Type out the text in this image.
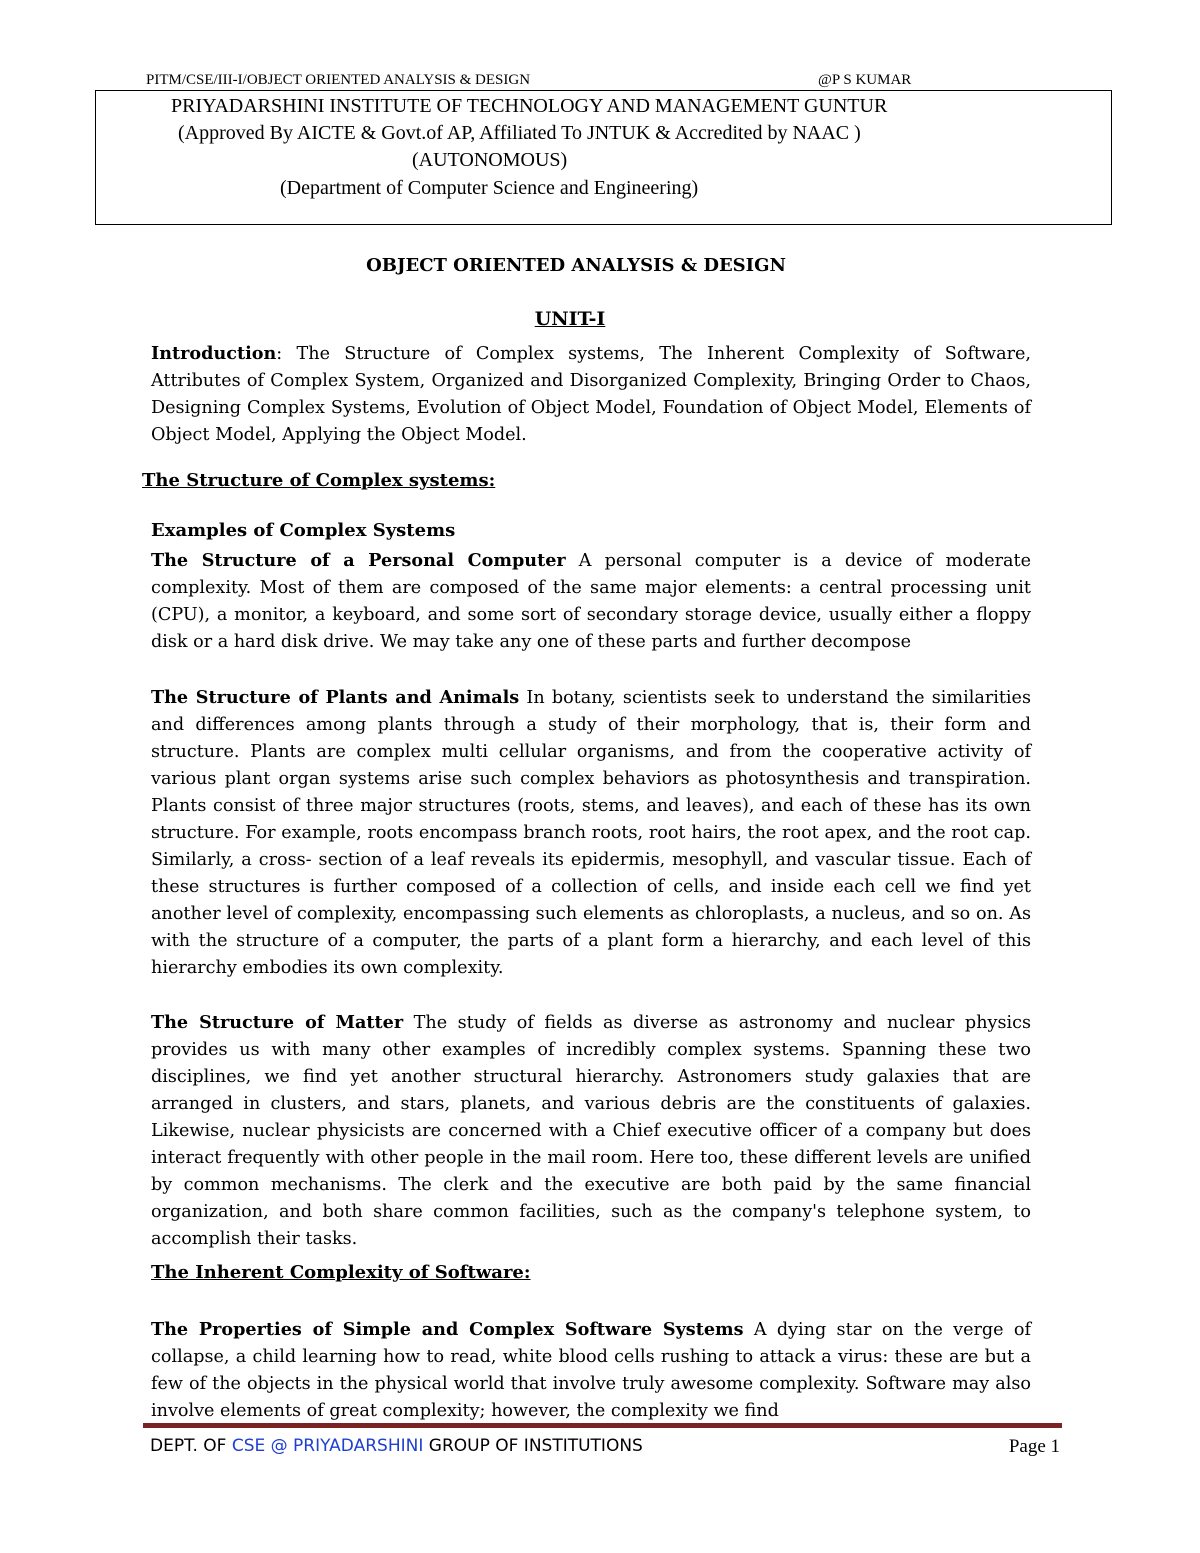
PITM/CSE/III-I/OBJECT ORIENTED ANALYSIS & DESIGN	@P S KUMAR
PRIYADARSHINI INSTITUTE OF TECHNOLOGY AND MANAGEMENT GUNTUR
(Approved By AICTE & Govt.of AP, Affiliated To JNTUK & Accredited by NAAC )
(AUTONOMOUS)
(Department of Computer Science and Engineering)
OBJECT ORIENTED ANALYSIS & DESIGN
UNIT-I
Introduction: The Structure of Complex systems, The Inherent Complexity of Software, Attributes of Complex System, Organized and Disorganized Complexity, Bringing Order to Chaos, Designing Complex Systems, Evolution of Object Model, Foundation of Object Model, Elements of Object Model, Applying the Object Model.
The Structure of Complex systems:
Examples of Complex Systems
The Structure of a Personal Computer A personal computer is a device of moderate complexity. Most of them are composed of the same major elements: a central processing unit (CPU), a monitor, a keyboard, and some sort of secondary storage device, usually either a floppy disk or a hard disk drive. We may take any one of these parts and further decompose
The Structure of Plants and Animals In botany, scientists seek to understand the similarities and differences among plants through a study of their morphology, that is, their form and structure. Plants are complex multi cellular organisms, and from the cooperative activity of various plant organ systems arise such complex behaviors as photosynthesis and transpiration. Plants consist of three major structures (roots, stems, and leaves), and each of these has its own structure. For example, roots encompass branch roots, root hairs, the root apex, and the root cap. Similarly, a cross- section of a leaf reveals its epidermis, mesophyll, and vascular tissue. Each of these structures is further composed of a collection of cells, and inside each cell we find yet another level of complexity, encompassing such elements as chloroplasts, a nucleus, and so on. As with the structure of a computer, the parts of a plant form a hierarchy, and each level of this hierarchy embodies its own complexity.
The Structure of Matter The study of fields as diverse as astronomy and nuclear physics provides us with many other examples of incredibly complex systems. Spanning these two disciplines, we find yet another structural hierarchy. Astronomers study galaxies that are arranged in clusters, and stars, planets, and various debris are the constituents of galaxies. Likewise, nuclear physicists are concerned with a Chief executive officer of a company but does interact frequently with other people in the mail room. Here too, these different levels are unified by common mechanisms. The clerk and the executive are both paid by the same financial organization, and both share common facilities, such as the company's telephone system, to accomplish their tasks.
The Inherent Complexity of Software:
The Properties of Simple and Complex Software Systems A dying star on the verge of collapse, a child learning how to read, white blood cells rushing to attack a virus: these are but a few of the objects in the physical world that involve truly awesome complexity. Software may also involve elements of great complexity; however, the complexity we find
DEPT. OF CSE @ PRIYADARSHINI GROUP OF INSTITUTIONS	Page 1
